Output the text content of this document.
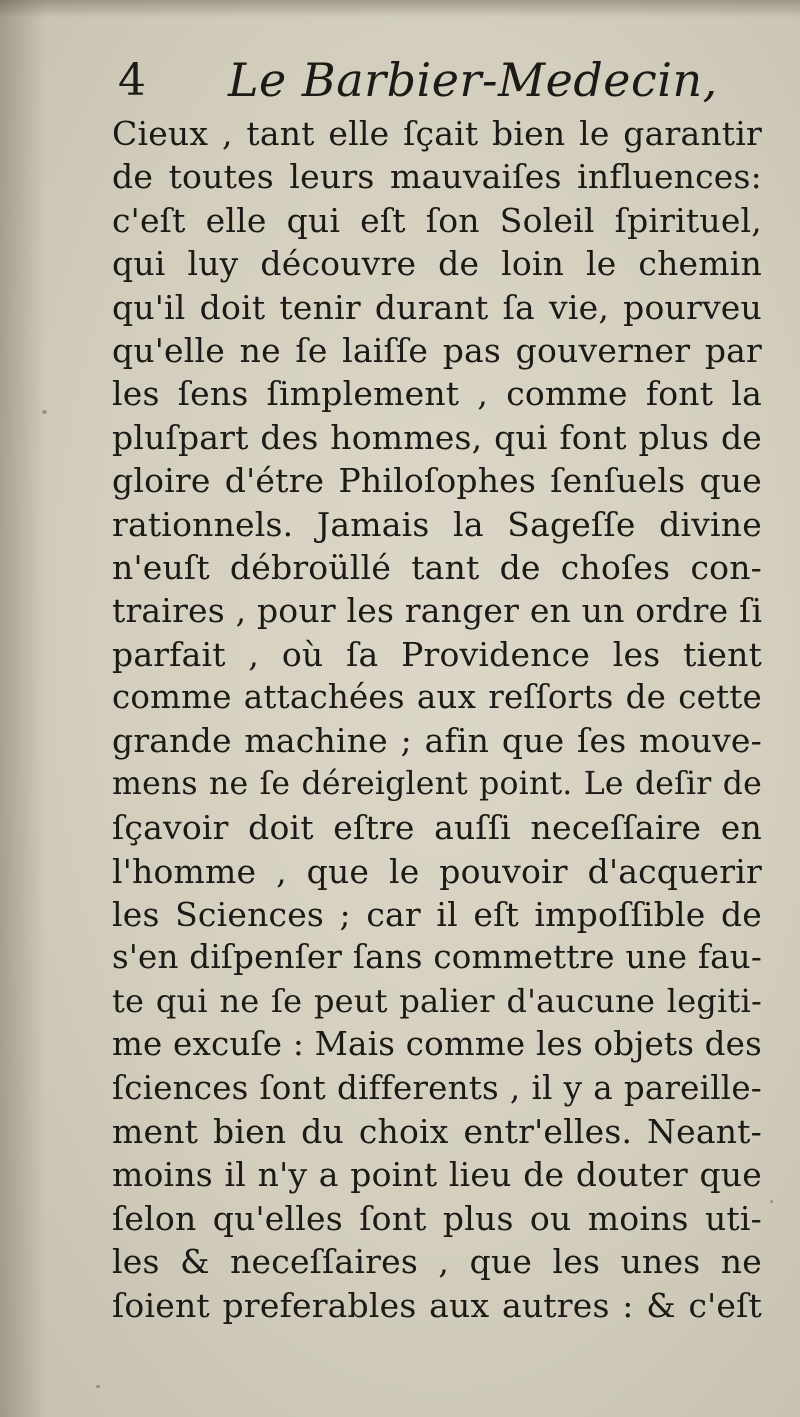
4 Le Barbier-Medecin,
Cieux , tant elle ſçait bien le garantir
de toutes leurs mauvaiſes influences:
c'eſt elle qui eſt ſon Soleil ſpirituel,
qui luy découvre de loin le chemin
qu'il doit tenir durant ſa vie, pourveu
qu'elle ne ſe laiſſe pas gouverner par
les ſens ſimplement , comme font la
pluſpart des hommes, qui font plus de
gloire d'étre Philoſophes ſenſuels que
rationnels. Jamais la Sageſſe divine
n'euſt débroüllé tant de choſes con-
traires , pour les ranger en un ordre ſi
parfait , où ſa Providence les tient
comme attachées aux reſſorts de cette
grande machine ; afin que ſes mouve-
mens ne ſe déreiglent point. Le deſir de
ſçavoir doit eſtre auſſi neceſſaire en
l'homme , que le pouvoir d'acquerir
les Sciences ; car il eſt impoſſible de
s'en diſpenſer ſans commettre une fau-
te qui ne ſe peut palier d'aucune legiti-
me excuſe : Mais comme les objets des
ſciences ſont differents , il y a pareille-
ment bien du choix entr'elles. Neant-
moins il n'y a point lieu de douter que
ſelon qu'elles ſont plus ou moins uti-
les & neceſſaires , que les unes ne
ſoient preferables aux autres : & c'eſt
